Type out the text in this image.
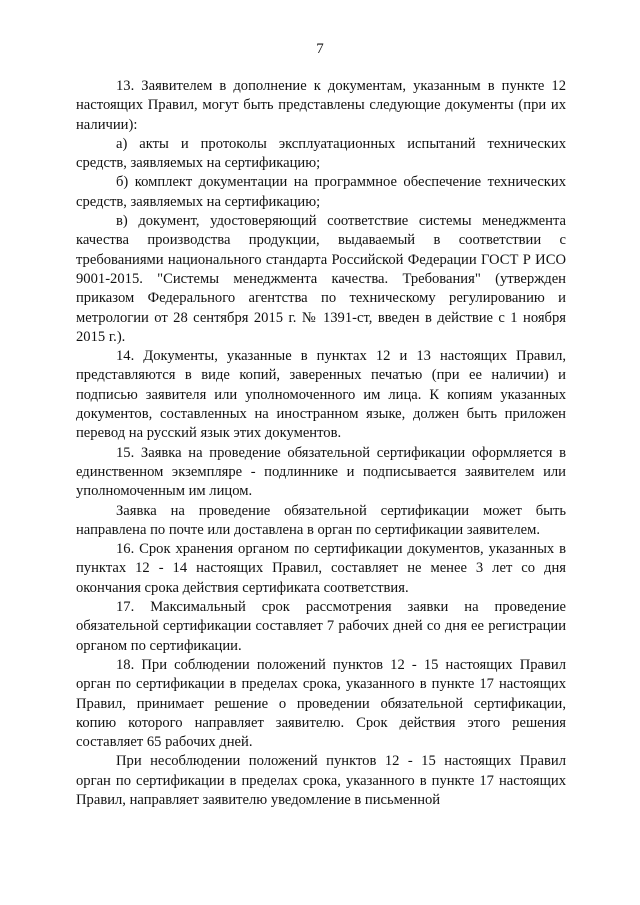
7

13. Заявителем в дополнение к документам, указанным в пункте 12 настоящих Правил, могут быть представлены следующие документы (при их наличии):

а) акты и протоколы эксплуатационных испытаний технических средств, заявляемых на сертификацию;

б) комплект документации на программное обеспечение технических средств, заявляемых на сертификацию;

в) документ, удостоверяющий соответствие системы менеджмента качества производства продукции, выдаваемый в соответствии с требованиями национального стандарта Российской Федерации ГОСТ Р ИСО 9001-2015. "Системы менеджмента качества. Требования" (утвержден приказом Федерального агентства по техническому регулированию и метрологии от 28 сентября 2015 г. № 1391-ст, введен в действие с 1 ноября 2015 г.).

14. Документы, указанные в пунктах 12 и 13 настоящих Правил, представляются в виде копий, заверенных печатью (при ее наличии) и подписью заявителя или уполномоченного им лица. К копиям указанных документов, составленных на иностранном языке, должен быть приложен перевод на русский язык этих документов.

15. Заявка на проведение обязательной сертификации оформляется в единственном экземпляре - подлиннике и подписывается заявителем или уполномоченным им лицом.

Заявка на проведение обязательной сертификации может быть направлена по почте или доставлена в орган по сертификации заявителем.

16. Срок хранения органом по сертификации документов, указанных в пунктах 12 - 14 настоящих Правил, составляет не менее 3 лет со дня окончания срока действия сертификата соответствия.

17. Максимальный срок рассмотрения заявки на проведение обязательной сертификации составляет 7 рабочих дней со дня ее регистрации органом по сертификации.

18. При соблюдении положений пунктов 12 - 15 настоящих Правил орган по сертификации в пределах срока, указанного в пункте 17 настоящих Правил, принимает решение о проведении обязательной сертификации, копию которого направляет заявителю. Срок действия этого решения составляет 65 рабочих дней.

При несоблюдении положений пунктов 12 - 15 настоящих Правил орган по сертификации в пределах срока, указанного в пункте 17 настоящих Правил, направляет заявителю уведомление в письменной
